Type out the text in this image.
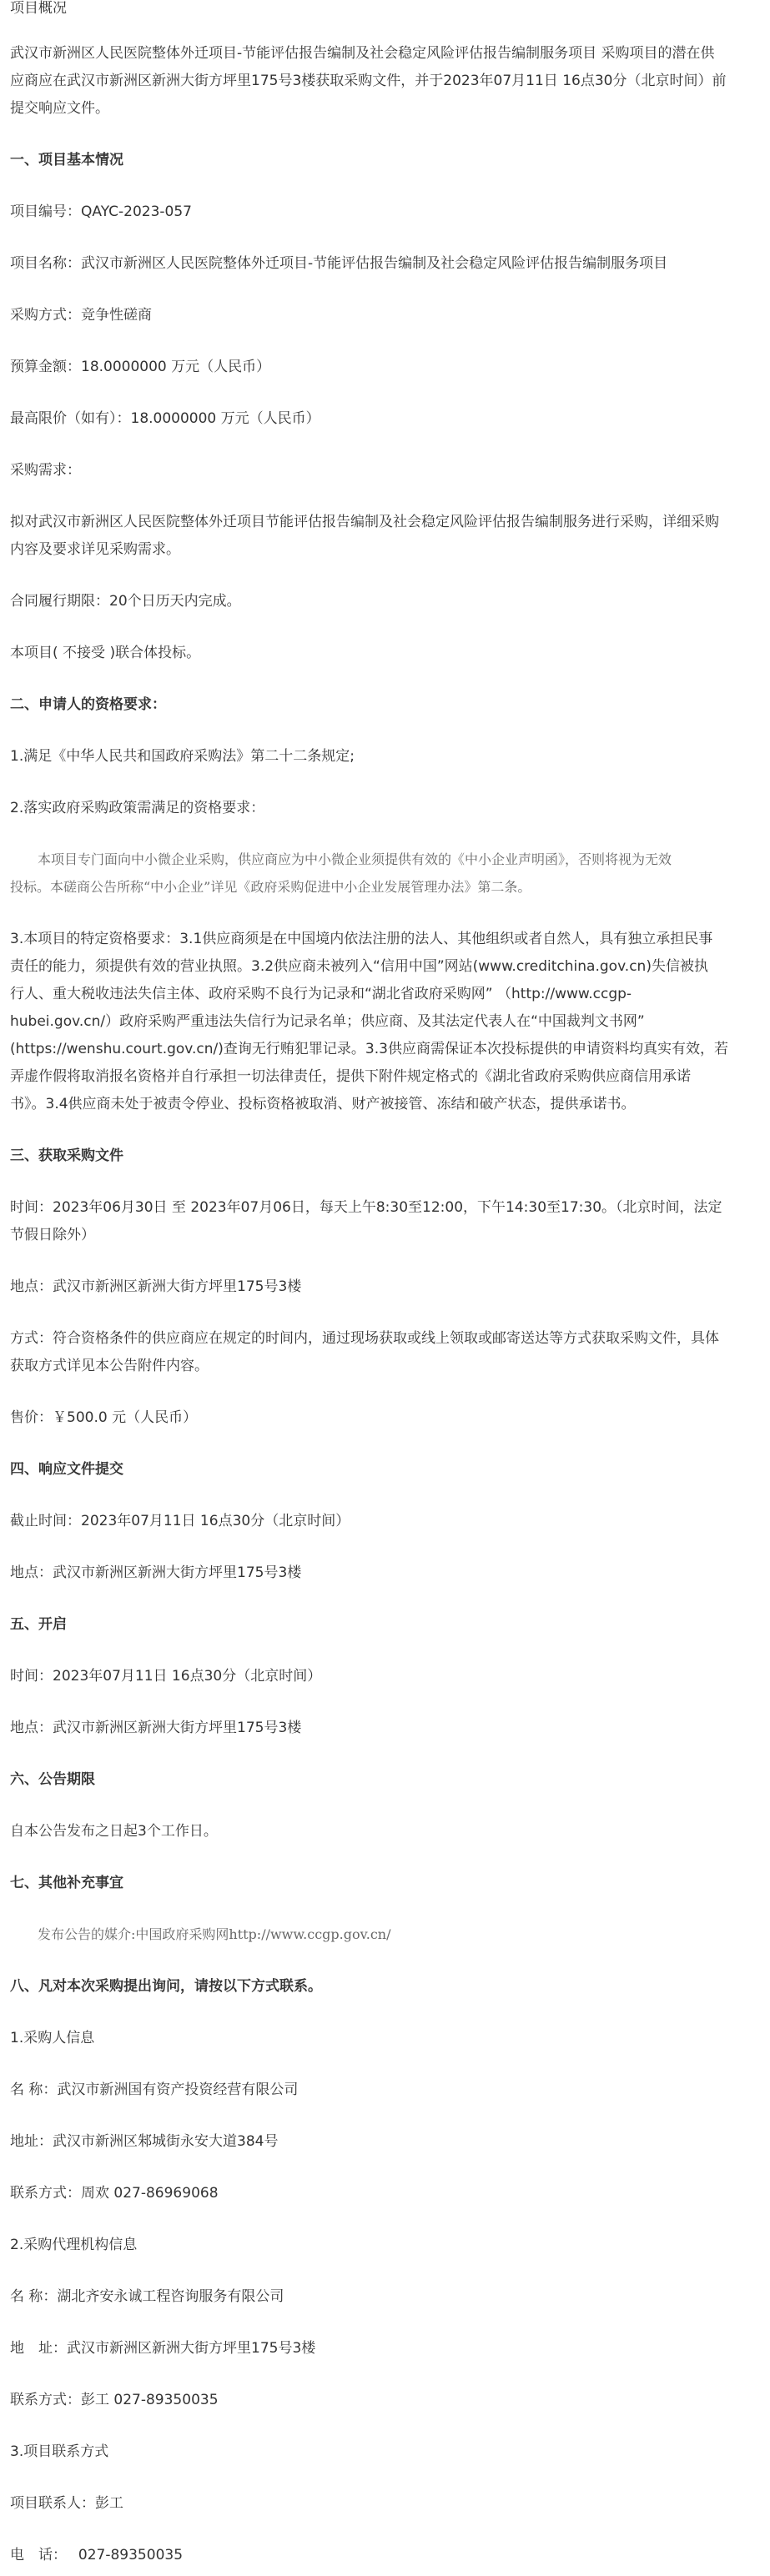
项目概况
武汉市新洲区人民医院整体外迁项目-节能评估报告编制及社会稳定风险评估报告编制服务项目 采购项目的潜在供
应商应在武汉市新洲区新洲大街方坪里175号3楼获取采购文件，并于2023年07月11日 16点30分（北京时间）前
提交响应文件。
一、项目基本情况
项目编号：QAYC-2023-057
项目名称：武汉市新洲区人民医院整体外迁项目-节能评估报告编制及社会稳定风险评估报告编制服务项目
采购方式：竞争性磋商
预算金额：18.0000000 万元（人民币）
最高限价（如有）：18.0000000 万元（人民币）
采购需求：
拟对武汉市新洲区人民医院整体外迁项目节能评估报告编制及社会稳定风险评估报告编制服务进行采购，详细采购
内容及要求详见采购需求。
合同履行期限：20个日历天内完成。
本项目( 不接受 )联合体投标。
二、申请人的资格要求：
1.满足《中华人民共和国政府采购法》第二十二条规定;
2.落实政府采购政策需满足的资格要求：
本项目专门面向中小微企业采购，供应商应为中小微企业须提供有效的《中小企业声明函》，否则将视为无效
投标。本磋商公告所称“中小企业”详见《政府采购促进中小企业发展管理办法》第二条。
3.本项目的特定资格要求：3.1供应商须是在中国境内依法注册的法人、其他组织或者自然人，具有独立承担民事
责任的能力，须提供有效的营业执照。3.2供应商未被列入“信用中国”网站(www.creditchina.gov.cn)失信被执
行人、重大税收违法失信主体、政府采购不良行为记录和“湖北省政府采购网” （http://www.ccgp-
hubei.gov.cn/）政府采购严重违法失信行为记录名单；供应商、及其法定代表人在“中国裁判文书网”
(https://wenshu.court.gov.cn/)查询无行贿犯罪记录。3.3供应商需保证本次投标提供的申请资料均真实有效，若
弄虚作假将取消报名资格并自行承担一切法律责任，提供下附件规定格式的《湖北省政府采购供应商信用承诺
书》。3.4供应商未处于被责令停业、投标资格被取消、财产被接管、冻结和破产状态，提供承诺书。
三、获取采购文件
时间：2023年06月30日 至 2023年07月06日，每天上午8:30至12:00，下午14:30至17:30。（北京时间，法定
节假日除外）
地点：武汉市新洲区新洲大街方坪里175号3楼
方式：符合资格条件的供应商应在规定的时间内，通过现场获取或线上领取或邮寄送达等方式获取采购文件，具体
获取方式详见本公告附件内容。
售价：￥500.0 元（人民币）
四、响应文件提交
截止时间：2023年07月11日 16点30分（北京时间）
地点：武汉市新洲区新洲大街方坪里175号3楼
五、开启
时间：2023年07月11日 16点30分（北京时间）
地点：武汉市新洲区新洲大街方坪里175号3楼
六、公告期限
自本公告发布之日起3个工作日。
七、其他补充事宜
发布公告的媒介:中国政府采购网http://www.ccgp.gov.cn/
八、凡对本次采购提出询问，请按以下方式联系。
1.采购人信息
名 称：武汉市新洲国有资产投资经营有限公司
地址：武汉市新洲区邾城街永安大道384号
联系方式：周欢 027-86969068
2.采购代理机构信息
名 称：湖北齐安永诚工程咨询服务有限公司
地　址：武汉市新洲区新洲大街方坪里175号3楼
联系方式：彭工 027-89350035
3.项目联系方式
项目联系人：彭工
电　话：　 027-89350035
